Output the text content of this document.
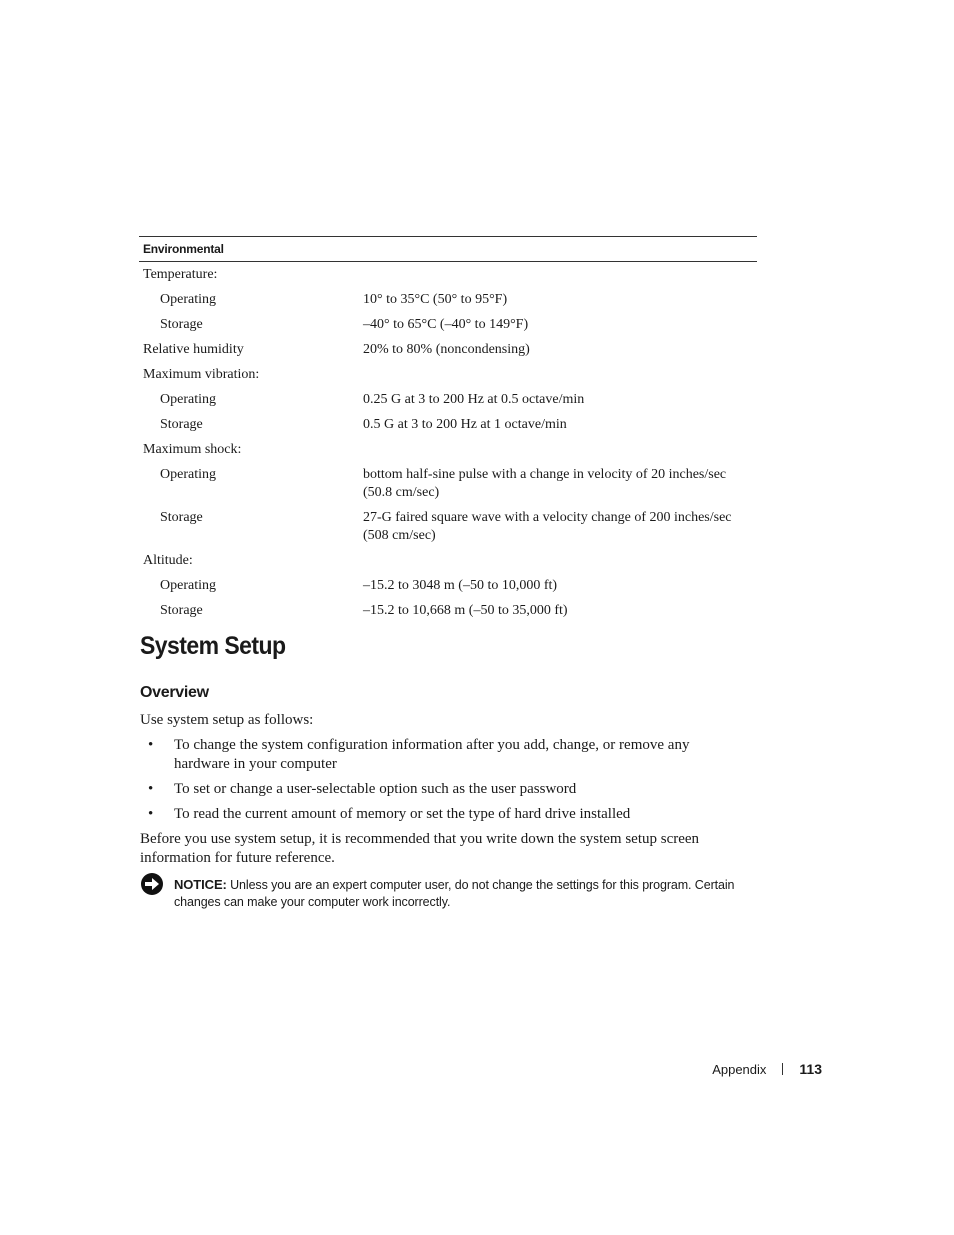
Environmental
Temperature:
Operating	10° to 35°C (50° to 95°F)
Storage	–40° to 65°C (–40° to 149°F)
Relative humidity	20% to 80% (noncondensing)
Maximum vibration:
Operating	0.25 G at 3 to 200 Hz at 0.5 octave/min
Storage	0.5 G at 3 to 200 Hz at 1 octave/min
Maximum shock:
Operating	bottom half-sine pulse with a change in velocity of 20 inches/sec (50.8 cm/sec)
Storage	27-G faired square wave with a velocity change of 200 inches/sec (508 cm/sec)
Altitude:
Operating	–15.2 to 3048 m (–50 to 10,000 ft)
Storage	–15.2 to 10,668 m (–50 to 35,000 ft)
System Setup
Overview
Use system setup as follows:
• To change the system configuration information after you add, change, or remove any hardware in your computer
• To set or change a user-selectable option such as the user password
• To read the current amount of memory or set the type of hard drive installed
Before you use system setup, it is recommended that you write down the system setup screen information for future reference.
NOTICE: Unless you are an expert computer user, do not change the settings for this program. Certain changes can make your computer work incorrectly.
Appendix 113
